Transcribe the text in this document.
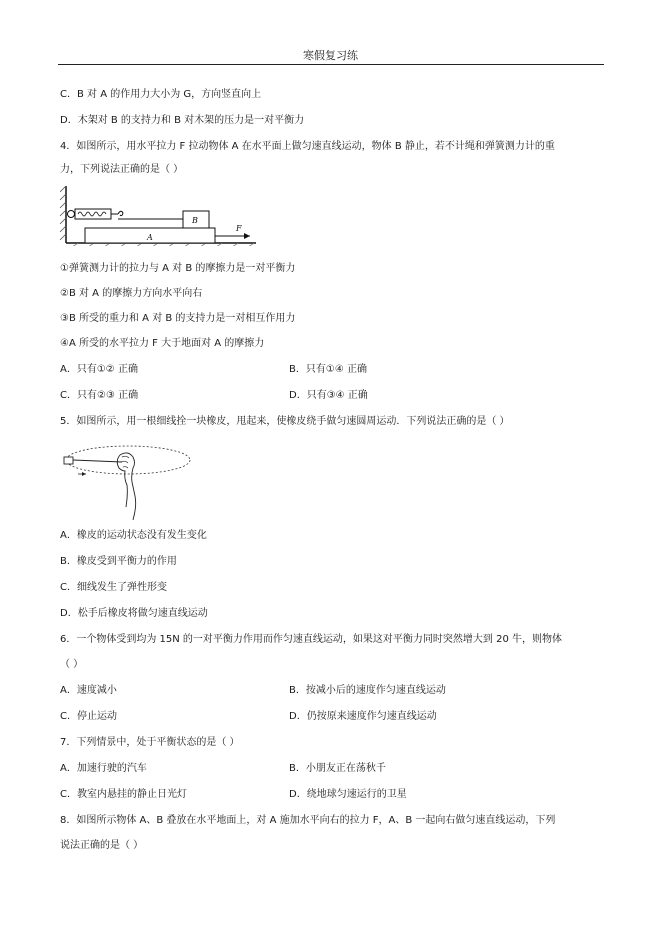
寒假复习练
C．B 对 A 的作用力大小为 G，方向竖直向上
D．木架对 B 的支持力和 B 对木架的压力是一对平衡力
4．如图所示，用水平拉力 F 拉动物体 A 在水平面上做匀速直线运动，物体 B 静止，若不计绳和弹簧测力计的重
力，下列说法正确的是（ ）
B
A
F
①弹簧测力计的拉力与 A 对 B 的摩擦力是一对平衡力
②B 对 A 的摩擦力方向水平向右
③B 所受的重力和 A 对 B 的支持力是一对相互作用力
④A 所受的水平拉力 F 大于地面对 A 的摩擦力
A．只有①② 正确	B．只有①④ 正确
C．只有②③ 正确	D．只有③④ 正确
5．如图所示，用一根细线拴一块橡皮，甩起来，使橡皮绕手做匀速圆周运动．下列说法正确的是（ ）
A．橡皮的运动状态没有发生变化
B．橡皮受到平衡力的作用
C．细线发生了弹性形变
D．松手后橡皮将做匀速直线运动
6．一个物体受到均为 15N 的一对平衡力作用而作匀速直线运动，如果这对平衡力同时突然增大到 20 牛，则物体
（ ）
A．速度减小	B．按减小后的速度作匀速直线运动
C．停止运动	D．仍按原来速度作匀速直线运动
7．下列情景中，处于平衡状态的是（ ）
A．加速行驶的汽车	B．小朋友正在荡秋千
C．教室内悬挂的静止日光灯	D．绕地球匀速运行的卫星
8．如图所示物体 A、B 叠放在水平地面上，对 A 施加水平向右的拉力 F，A、B 一起向右做匀速直线运动，下列
说法正确的是（ ）
